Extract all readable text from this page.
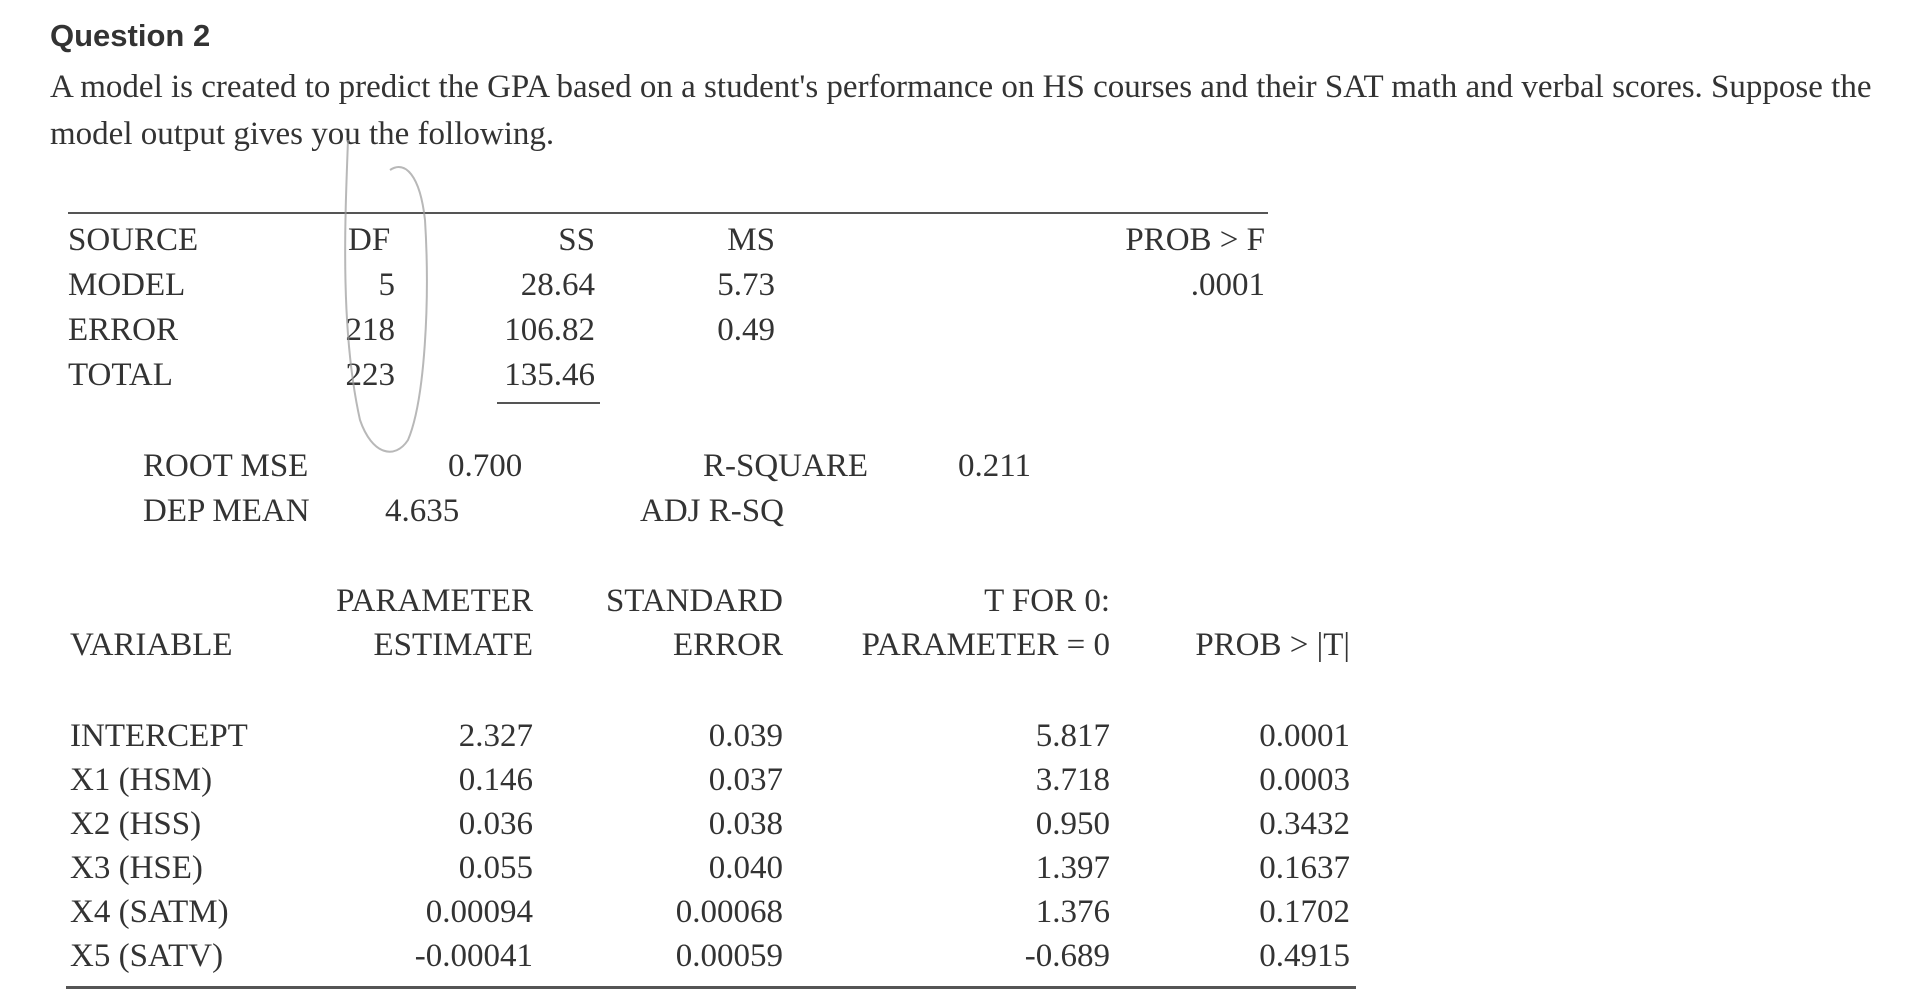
Question 2
A model is created to predict the GPA based on a student's performance on HS courses and their SAT math and verbal scores. Suppose the model output gives you the following.
SOURCE	DF	SS	MS	PROB > F
MODEL	5	28.64	5.73	.0001
ERROR	218	106.82	0.49
TOTAL	223	135.46
ROOT MSE	0.700	R-SQUARE	0.211
DEP MEAN 4.635	ADJ R-SQ
PARAMETER	STANDARD	T FOR 0:
VARIABLE	ESTIMATE	ERROR	PARAMETER = 0	PROB > |T|
INTERCEPT	2.327	0.039	5.817	0.0001
X1 (HSM)	0.146	0.037	3.718	0.0003
X2 (HSS)	0.036	0.038	0.950	0.3432
X3 (HSE)	0.055	0.040	1.397	0.1637
X4 (SATM)	0.00094	0.00068	1.376	0.1702
X5 (SATV)	-0.00041	0.00059	-0.689	0.4915
